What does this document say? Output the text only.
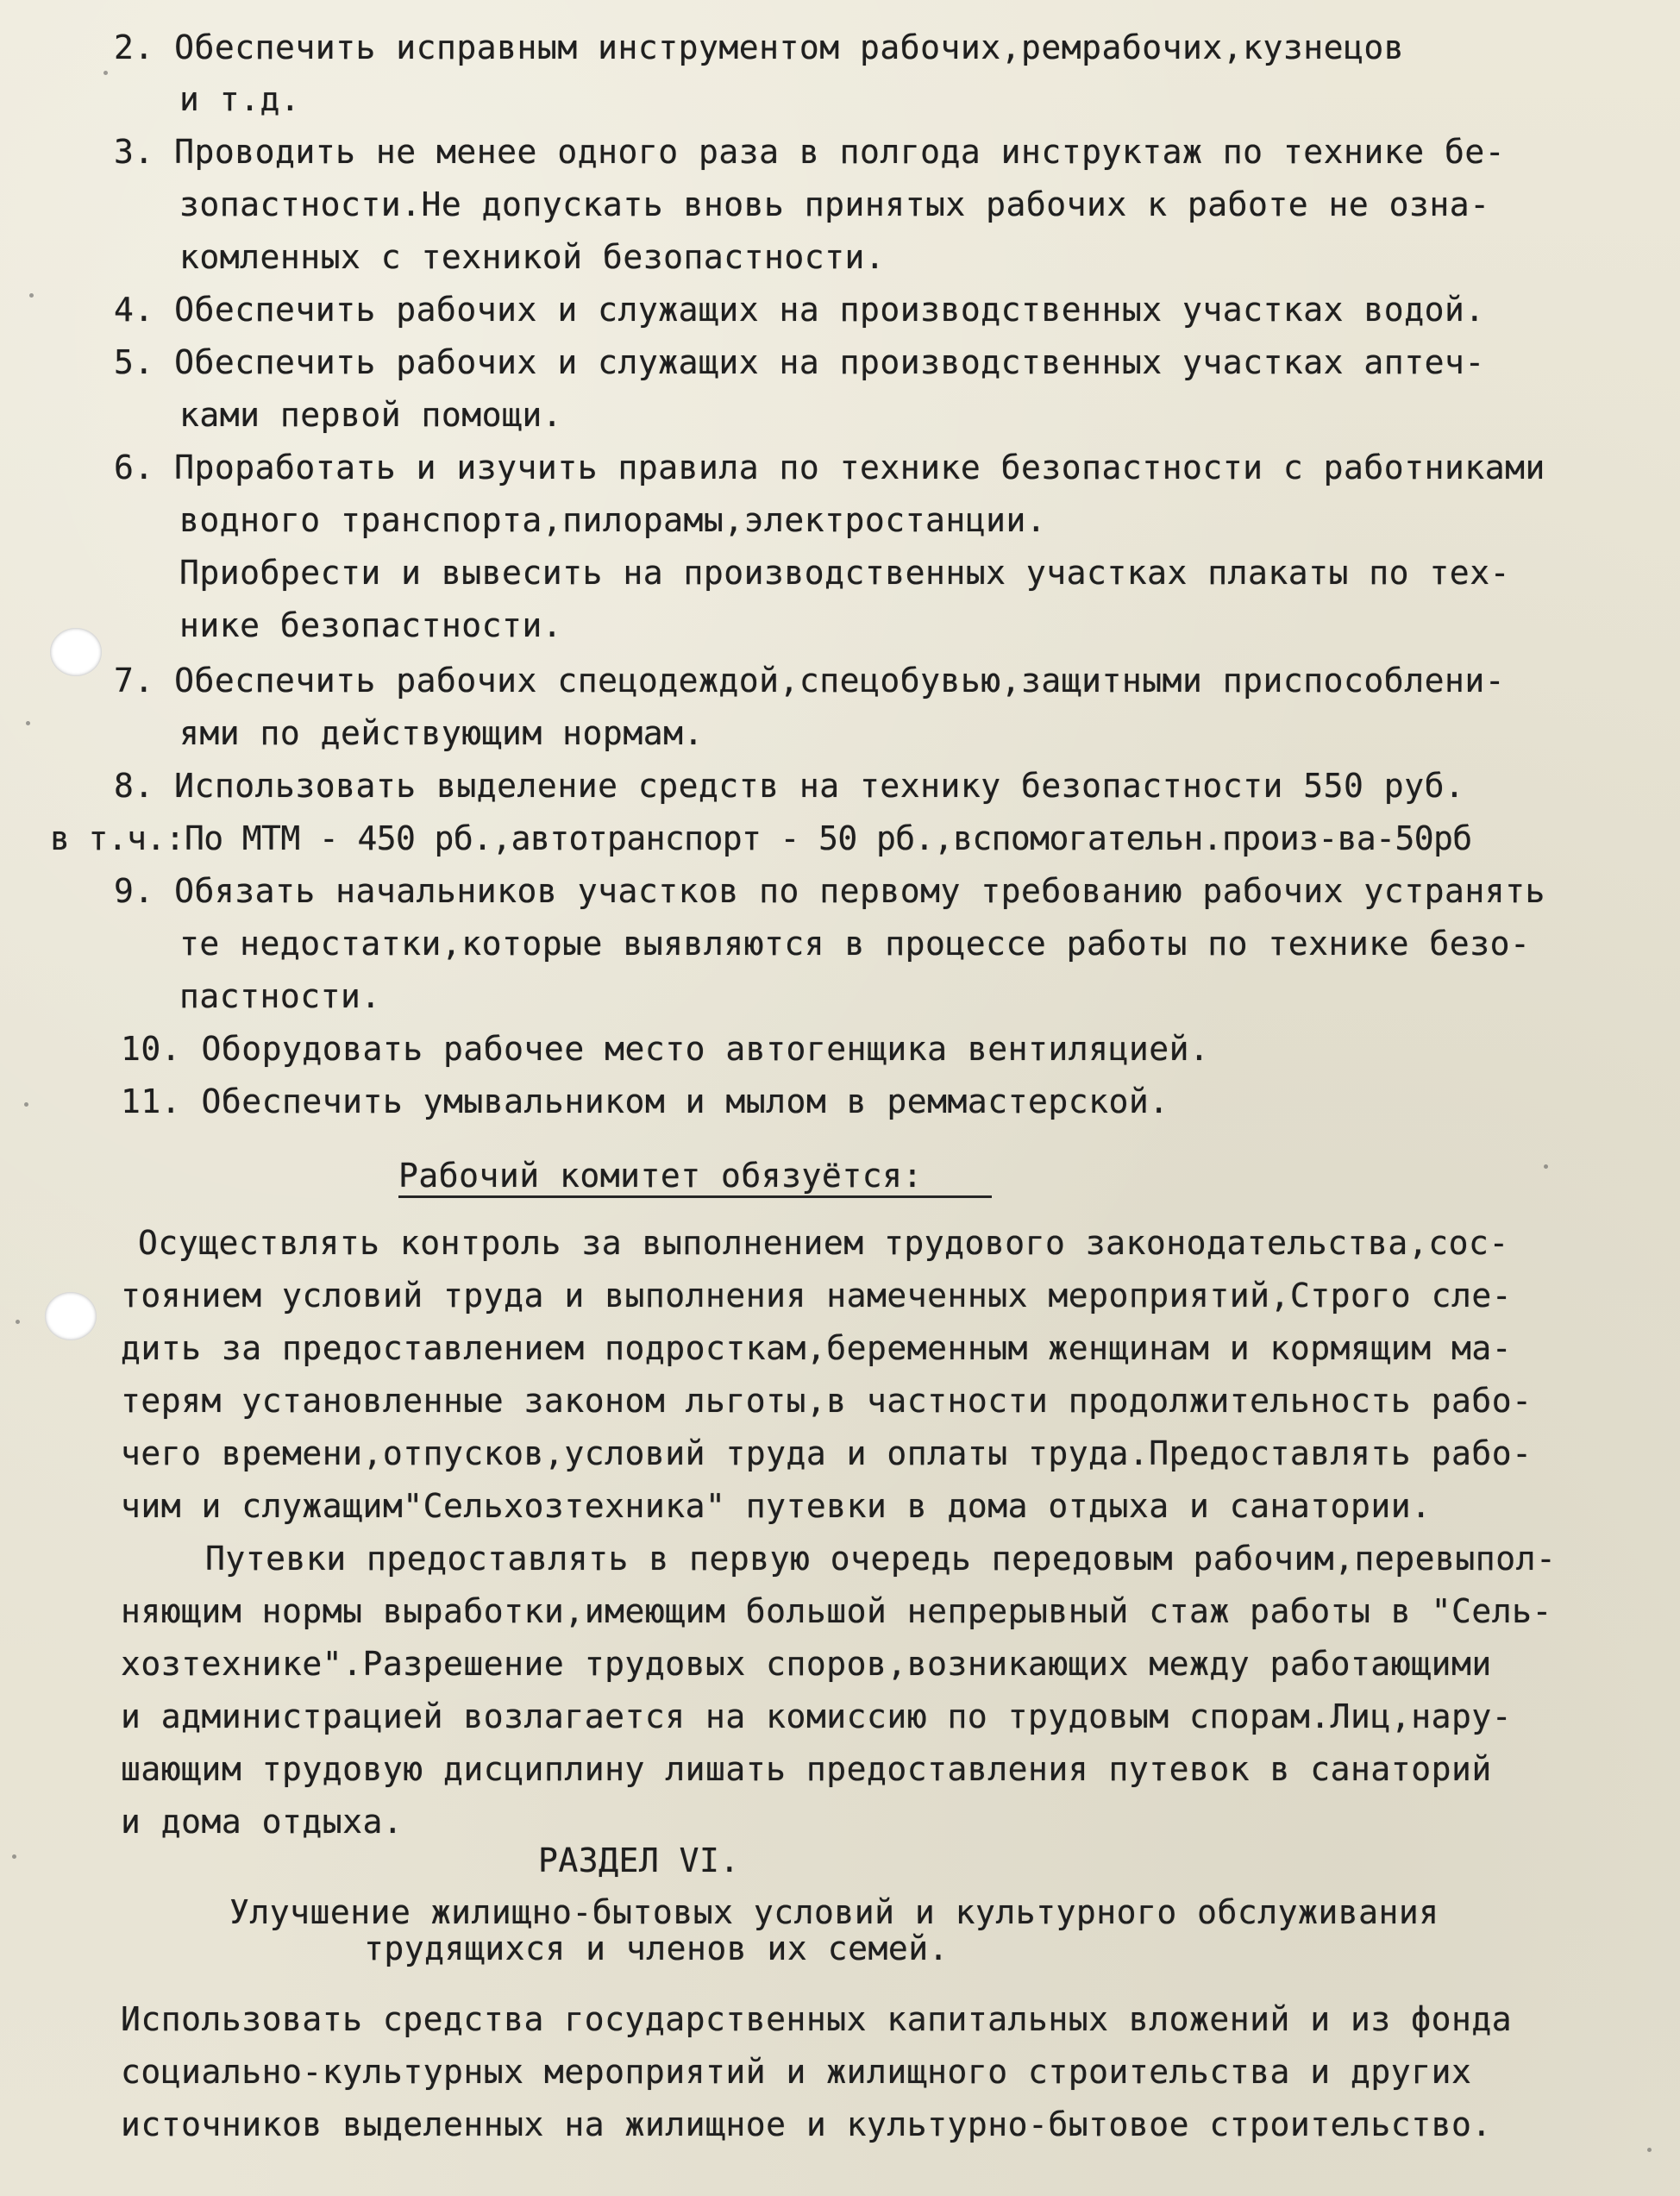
2. Обеспечить исправным инструментом рабочих,ремрабочих,кузнецов
и т.д.
3. Проводить не менее одного раза в полгода инструктаж по технике бе-
зопастности.Не допускать вновь принятых рабочих к работе не озна-
комленных с техникой безопастности.
4. Обеспечить рабочих и служащих на производственных участках водой.
5. Обеспечить рабочих и служащих на производственных участках аптеч-
ками первой помощи.
6. Проработать и изучить правила по технике безопастности с работниками
водного транспорта,пилорамы,электростанции.
Приобрести и вывесить на производственных участках плакаты по тех-
нике безопастности.
7. Обеспечить рабочих спецодеждой,спецобувью,защитными приспособлени-
ями по действующим нормам.
8. Использовать выделение средств на технику безопастности 550 руб.
в т.ч.:По МТМ - 450 рб.,автотранспорт - 50 рб.,вспомогательн.произ-ва-50рб
9. Обязать начальников участков по первому требованию рабочих устранять
те недостатки,которые выявляются в процессе работы по технике безо-
пастности.
10. Оборудовать рабочее место автогенщика вентиляцией.
11. Обеспечить умывальником и мылом в реммастерской.
Рабочий комитет обязуётся:
Осуществлять контроль за выполнением трудового законодательства,сос-
тоянием условий труда и выполнения намеченных мероприятий,Строго сле-
дить за предоставлением подросткам,беременным женщинам и кормящим ма-
терям установленные законом льготы,в частности продолжительность рабо-
чего времени,отпусков,условий труда и оплаты труда.Предоставлять рабо-
чим и служащим"Сельхозтехника" путевки в дома отдыха и санатории.
Путевки предоставлять в первую очередь передовым рабочим,перевыпол-
няющим нормы выработки,имеющим большой непрерывный стаж работы в "Сель-
хозтехнике".Разрешение трудовых споров,возникающих между работающими
и администрацией возлагается на комиссию по трудовым спорам.Лиц,нару-
шающим трудовую дисциплину лишать предоставления путевок в санаторий
и дома отдыха.
РАЗДЕЛ VI.
Улучшение жилищно-бытовых условий и культурного обслуживания
трудящихся и членов их семей.
Использовать средства государственных капитальных вложений и из фонда
социально-культурных мероприятий и жилищного строительства и других
источников выделенных на жилищное и культурно-бытовое строительство.
